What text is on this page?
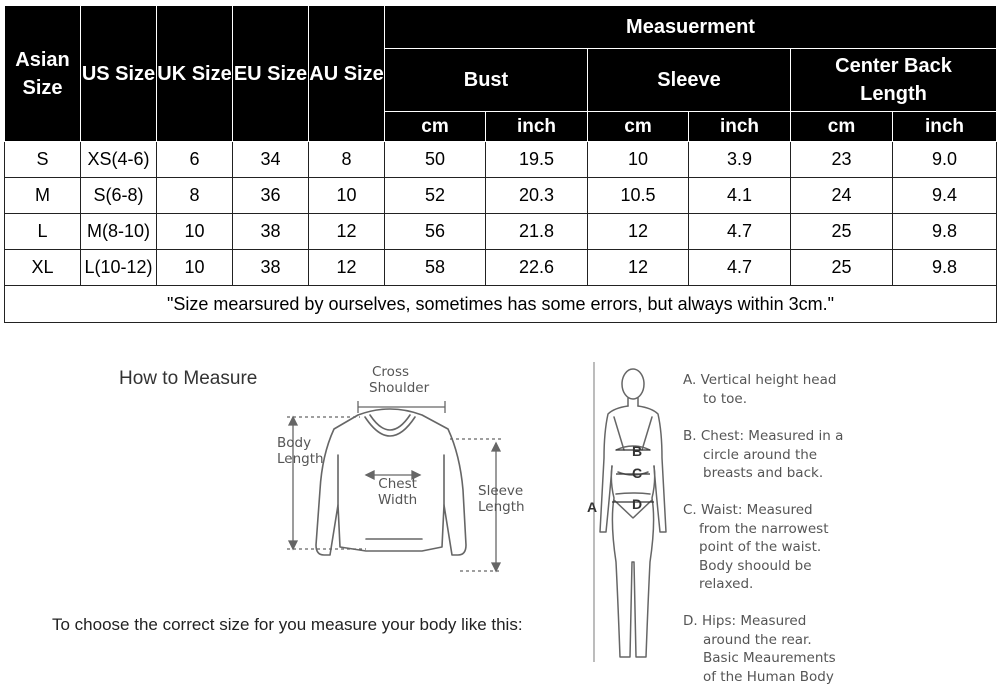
Asian Size	US Size	UK Size	EU Size	AU Size	Measuerment					
					Bust		Sleeve		Center Back Length	
					cm	inch	cm	inch	cm	inch
S	XS(4-6)	6	34	8	50	19.5	10	3.9	23	9.0
M	S(6-8)	8	36	10	52	20.3	10.5	4.1	24	9.4
L	M(8-10)	10	38	12	56	21.8	12	4.7	25	9.8
XL	L(10-12)	10	38	12	58	22.6	12	4.7	25	9.8
"Size mearsured by ourselves, sometimes has some errors, but always within 3cm."										
How to Measure	Cross
Shoulder
Body
Length
Chest
Width
Sleeve
Length
To choose the correct size for you measure your body like this:
A
B
C
D
A. Vertical height head
to toe.
B. Chest: Measured in a
circle around the
breasts and back.
C. Waist: Measured
from the narrowest
point of the waist.
Body shoould be
relaxed.
D. Hips: Measured
around the rear.
Basic Meaurements
of the Human Body
